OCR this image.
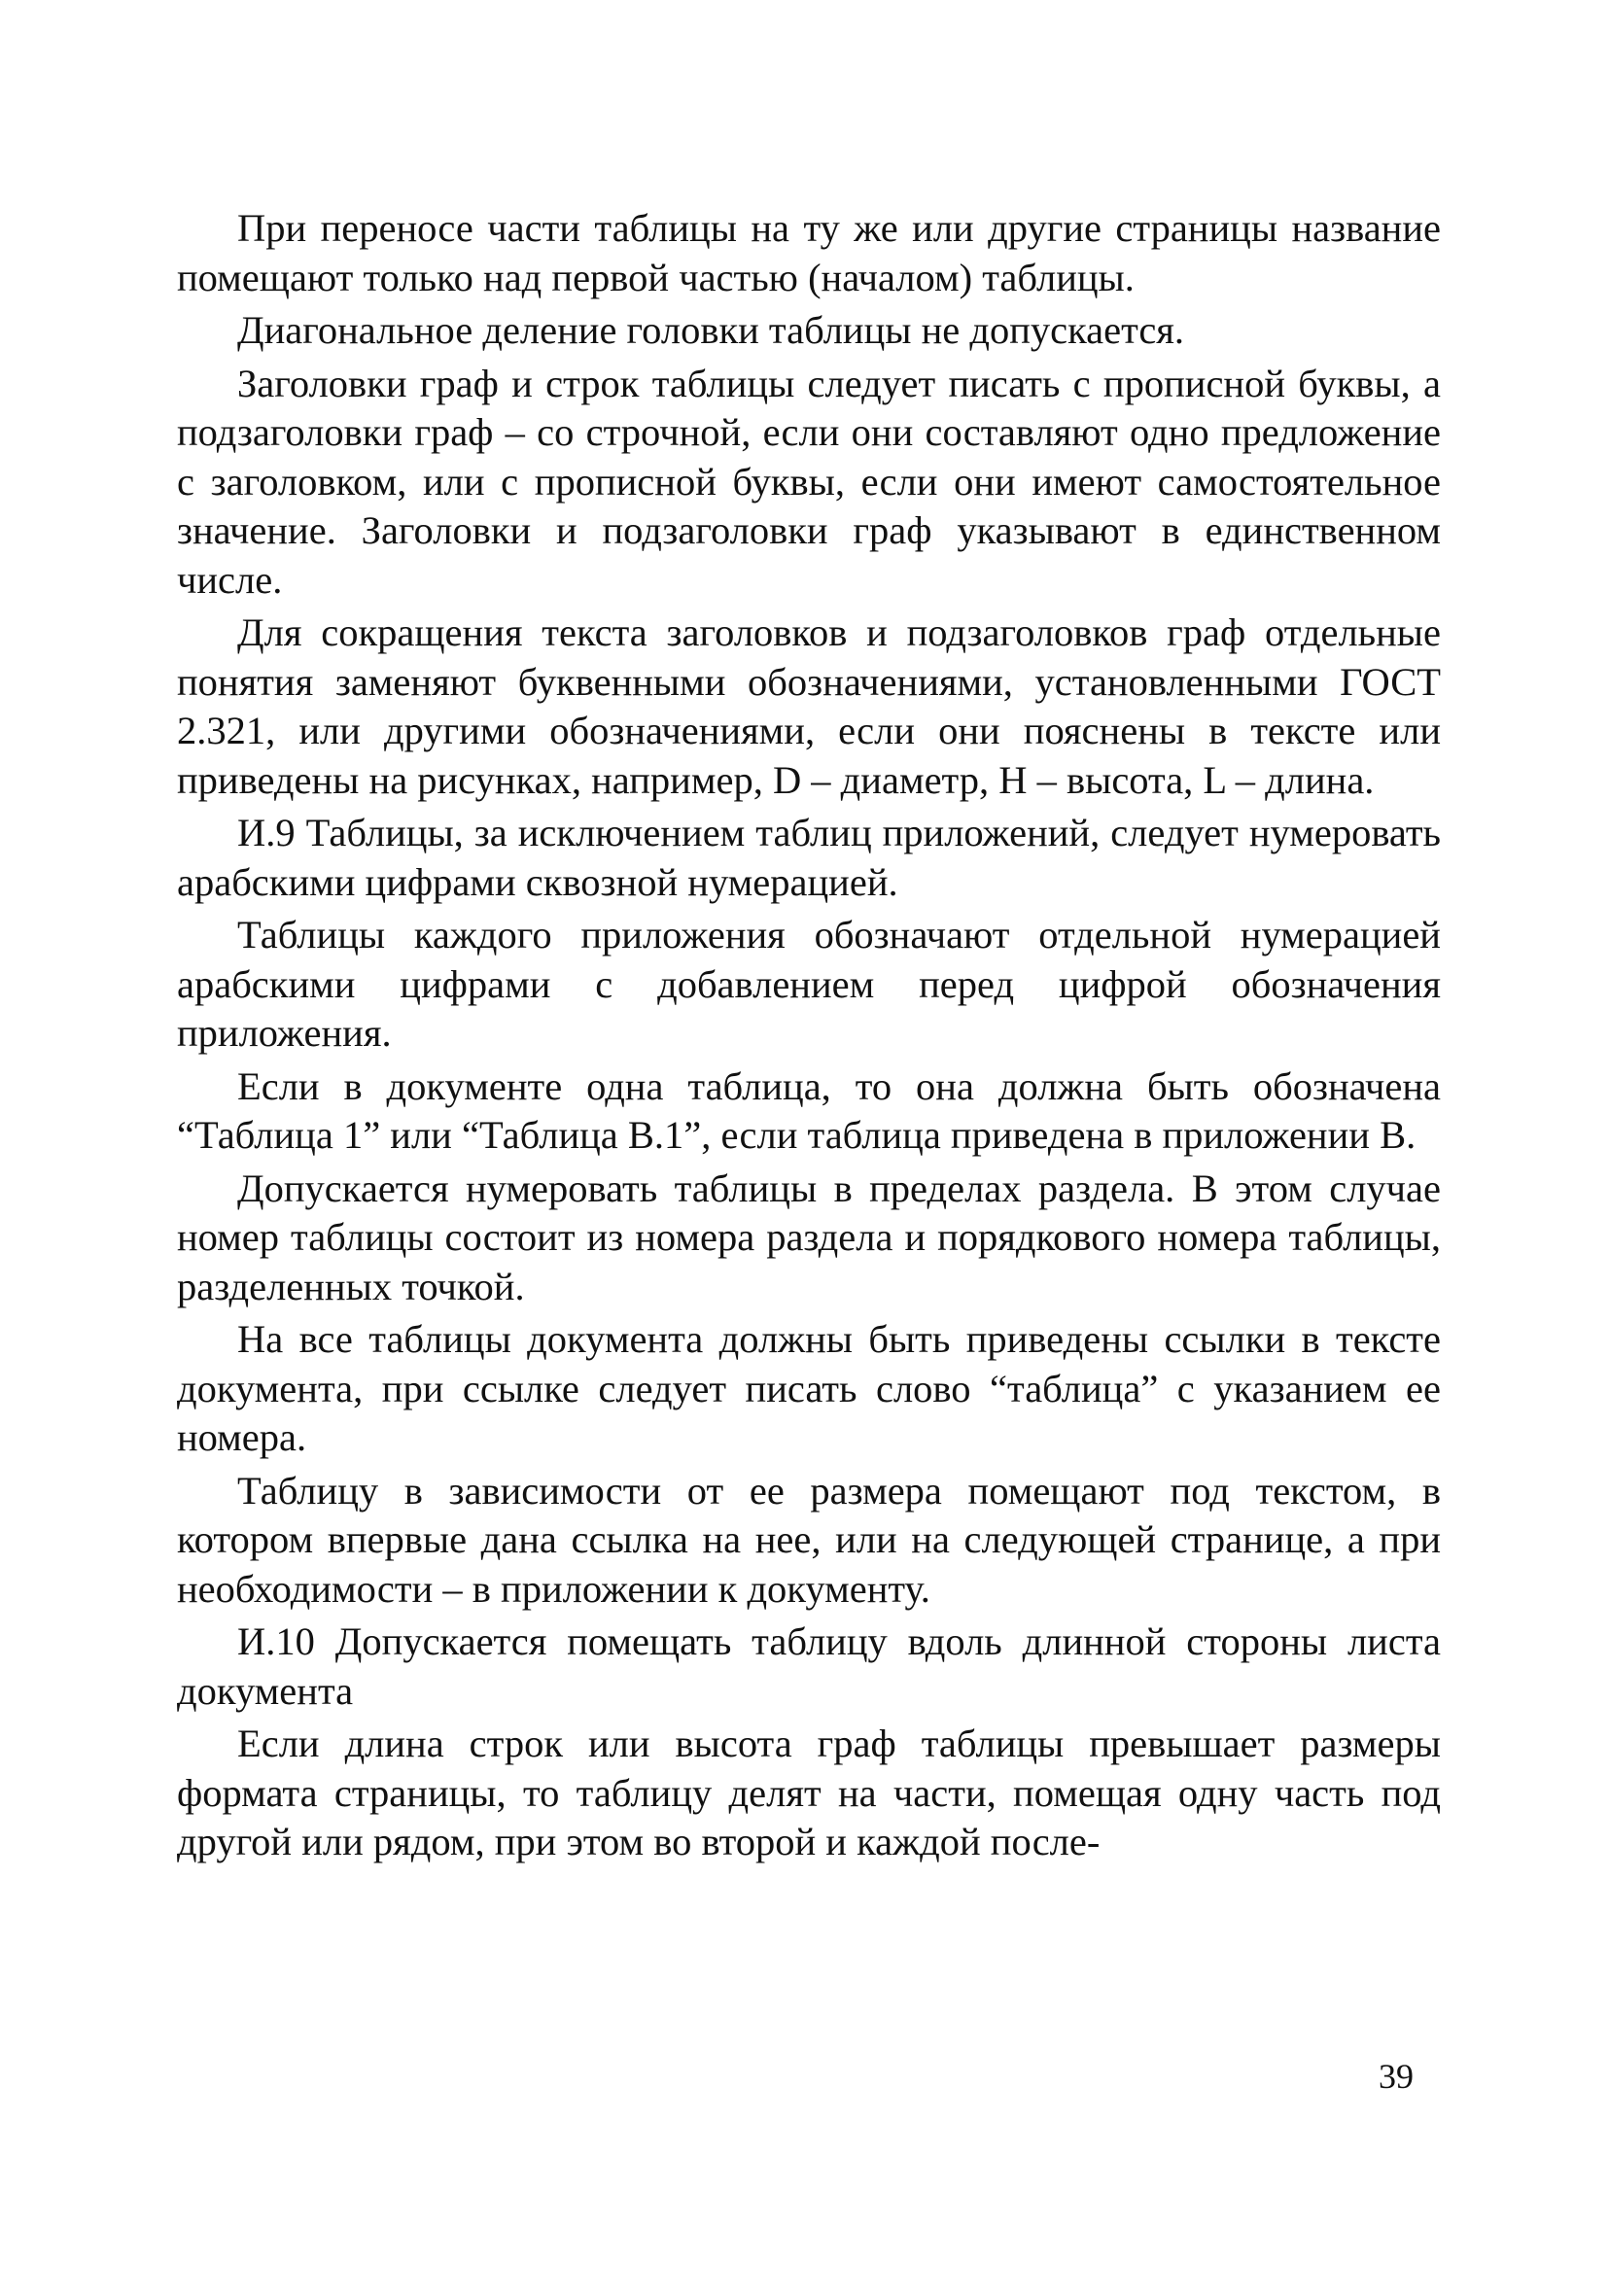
При переносе части таблицы на ту же или другие страницы название помещают только над первой частью (началом) таблицы.

Диагональное деление головки таблицы не допускается.

Заголовки граф и строк таблицы следует писать с прописной буквы, а подзаголовки граф – со строчной, если они составляют одно предложение с заголовком, или с прописной буквы, если они имеют самостоятельное значение. Заголовки и подзаголовки граф указывают в единственном числе.

Для сокращения текста заголовков и подзаголовков граф отдельные понятия заменяют буквенными обозначениями, установленными ГОСТ 2.321, или другими обозначениями, если они пояснены в тексте или приведены на рисунках, например, D – диаметр, H – высота, L – длина.

И.9 Таблицы, за исключением таблиц приложений, следует нумеровать арабскими цифрами сквозной нумерацией.

Таблицы каждого приложения обозначают отдельной нумерацией арабскими цифрами с добавлением перед цифрой обозначения приложения.

Если в документе одна таблица, то она должна быть обозначена “Таблица 1” или “Таблица В.1”, если таблица приведена в приложении В.

Допускается нумеровать таблицы в пределах раздела. В этом случае номер таблицы состоит из номера раздела и порядкового номера таблицы, разделенных точкой.

На все таблицы документа должны быть приведены ссылки в тексте документа, при ссылке следует писать слово “таблица” с указанием ее номера.

Таблицу в зависимости от ее размера помещают под текстом, в котором впервые дана ссылка на нее, или на следующей странице, а при необходимости – в приложении к документу.

И.10 Допускается помещать таблицу вдоль длинной стороны листа документа

Если длина строк или высота граф таблицы превышает размеры формата страницы, то таблицу делят на части, помещая одну часть под другой или рядом, при этом во второй и каждой после-

39
